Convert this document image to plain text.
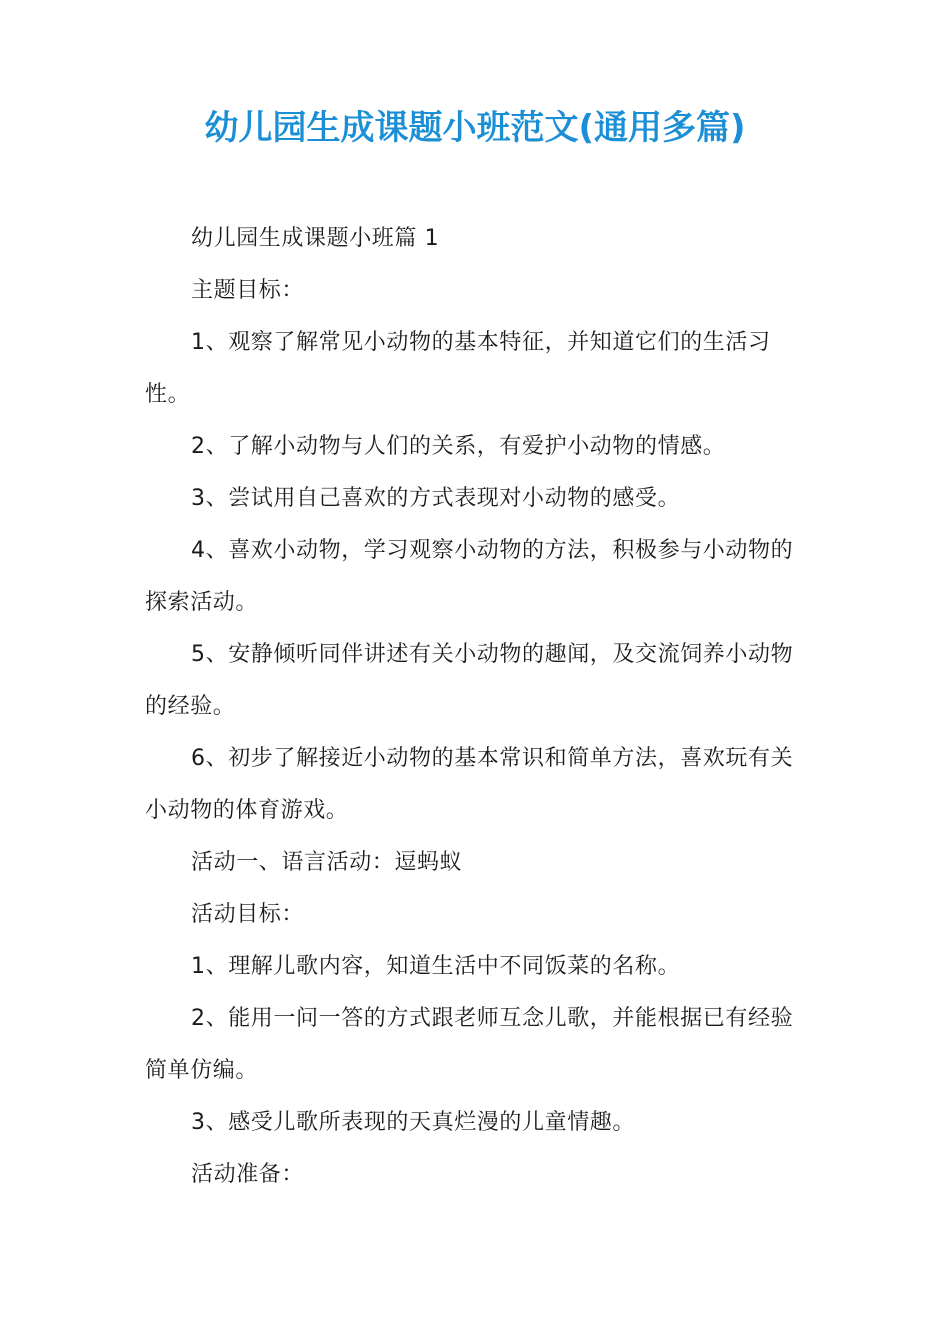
幼儿园生成课题小班范文(通用多篇)

幼儿园生成课题小班篇 1

主题目标：

1、观察了解常见小动物的基本特征，并知道它们的生活习性。

2、了解小动物与人们的关系，有爱护小动物的情感。

3、尝试用自己喜欢的方式表现对小动物的感受。

4、喜欢小动物，学习观察小动物的方法，积极参与小动物的探索活动。

5、安静倾听同伴讲述有关小动物的趣闻，及交流饲养小动物的经验。

6、初步了解接近小动物的基本常识和简单方法，喜欢玩有关小动物的体育游戏。

活动一、语言活动：逗蚂蚁

活动目标：

1、理解儿歌内容，知道生活中不同饭菜的名称。

2、能用一问一答的方式跟老师互念儿歌，并能根据已有经验简单仿编。

3、感受儿歌所表现的天真烂漫的儿童情趣。

活动准备：
